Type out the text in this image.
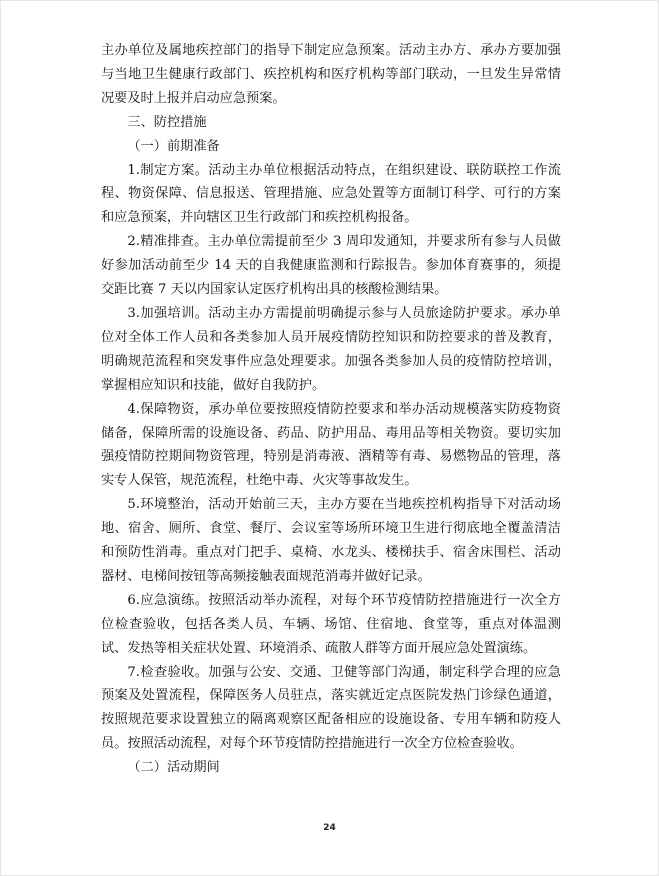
主办单位及属地疾控部门的指导下制定应急预案。活动主办方、承办方要加强与当地卫生健康行政部门、疾控机构和医疗机构等部门联动，一旦发生异常情况要及时上报并启动应急预案。

三、防控措施

（一）前期准备

1.制定方案。活动主办单位根据活动特点，在组织建设、联防联控工作流程、物资保障、信息报送、管理措施、应急处置等方面制订科学、可行的方案和应急预案，并向辖区卫生行政部门和疾控机构报备。

2.精准排查。主办单位需提前至少 3 周印发通知，并要求所有参与人员做好参加活动前至少 14 天的自我健康监测和行踪报告。参加体育赛事的，须提交距比赛 7 天以内国家认定医疗机构出具的核酸检测结果。

3.加强培训。活动主办方需提前明确提示参与人员旅途防护要求。承办单位对全体工作人员和各类参加人员开展疫情防控知识和防控要求的普及教育，明确规范流程和突发事件应急处理要求。加强各类参加人员的疫情防控培训，掌握相应知识和技能，做好自我防护。

4.保障物资，承办单位要按照疫情防控要求和举办活动规模落实防疫物资储备，保障所需的设施设备、药品、防护用品、毒用品等相关物资。要切实加强疫情防控期间物资管理，特别是消毒液、酒精等有毒、易燃物品的管理，落实专人保管，规范流程，杜绝中毒、火灾等事故发生。

5.环境整治，活动开始前三天，主办方要在当地疾控机构指导下对活动场地、宿舍、厕所、食堂、餐厅、会议室等场所环境卫生进行彻底地全覆盖清洁和预防性消毒。重点对门把手、桌椅、水龙头、楼梯扶手、宿舍床围栏、活动器材、电梯间按钮等高频接触表面规范消毒并做好记录。

6.应急演练。按照活动举办流程，对每个环节疫情防控措施进行一次全方位检查验收，包括各类人员、车辆、场馆、住宿地、食堂等，重点对体温测试、发热等相关症状处置、环境消杀、疏散人群等方面开展应急处置演练。

7.检查验收。加强与公安、交通、卫健等部门沟通，制定科学合理的应急预案及处置流程，保障医务人员驻点，落实就近定点医院发热门诊绿色通道，按照规范要求设置独立的隔离观察区配备相应的设施设备、专用车辆和防疫人员。按照活动流程，对每个环节疫情防控措施进行一次全方位检查验收。

（二）活动期间

24
